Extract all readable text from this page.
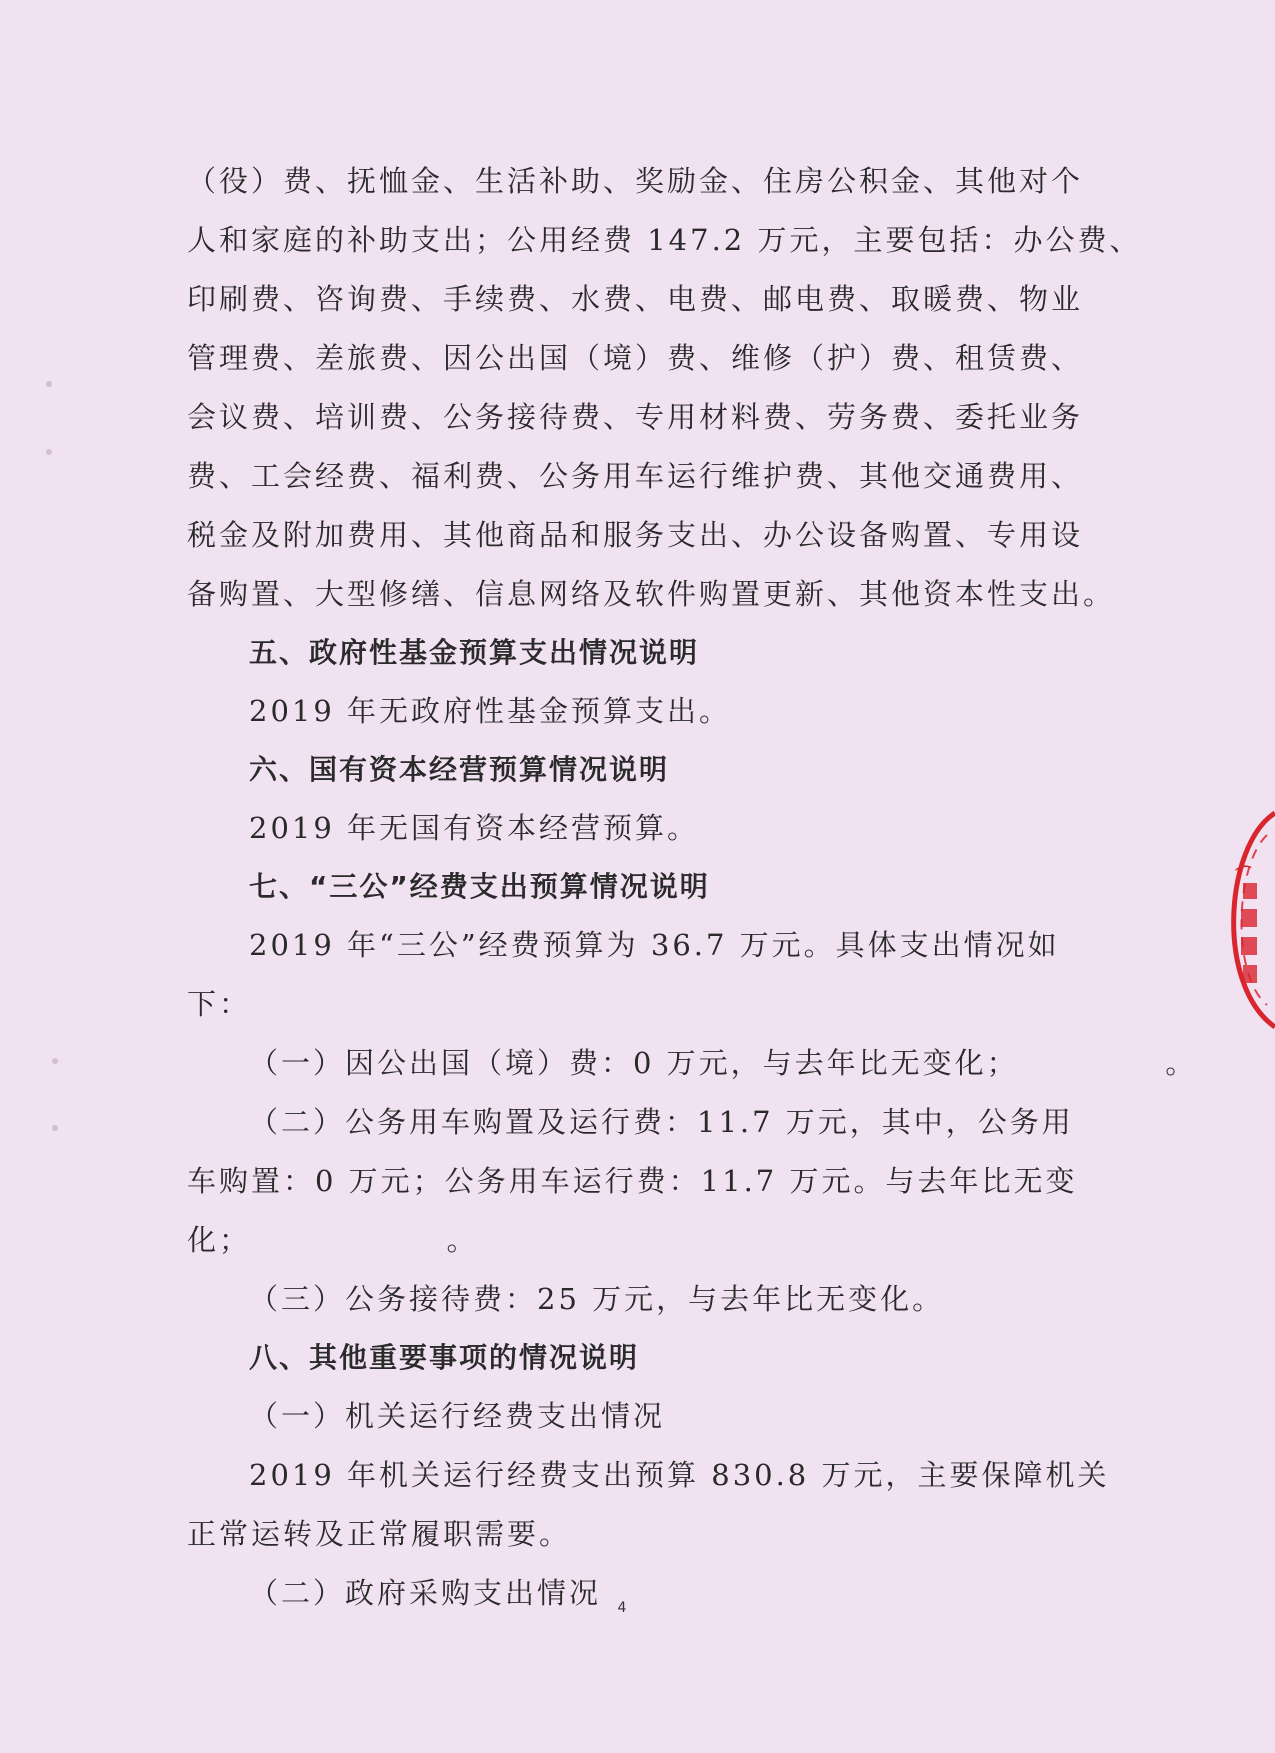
（役）费、抚恤金、生活补助、奖励金、住房公积金、其他对个
人和家庭的补助支出；公用经费 147.2 万元，主要包括：办公费、
印刷费、咨询费、手续费、水费、电费、邮电费、取暖费、物业
管理费、差旅费、因公出国（境）费、维修（护）费、租赁费、
会议费、培训费、公务接待费、专用材料费、劳务费、委托业务
费、工会经费、福利费、公务用车运行维护费、其他交通费用、
税金及附加费用、其他商品和服务支出、办公设备购置、专用设
备购置、大型修缮、信息网络及软件购置更新、其他资本性支出。

五、政府性基金预算支出情况说明

2019 年无政府性基金预算支出。

六、国有资本经营预算情况说明

2019 年无国有资本经营预算。

七、“三公”经费支出预算情况说明

2019 年“三公”经费预算为 36.7 万元。具体支出情况如下：

（一）因公出国（境）费：0 万元，与去年比无变化；            。

（二）公务用车购置及运行费：11.7 万元，其中，公务用
车购置：0 万元；公务用车运行费：11.7 万元。与去年比无变
化；                。

（三）公务接待费：25 万元，与去年比无变化。

八、其他重要事项的情况说明

（一）机关运行经费支出情况

2019 年机关运行经费支出预算 830.8 万元，主要保障机关
正常运转及正常履职需要。

（二）政府采购支出情况	4
(
